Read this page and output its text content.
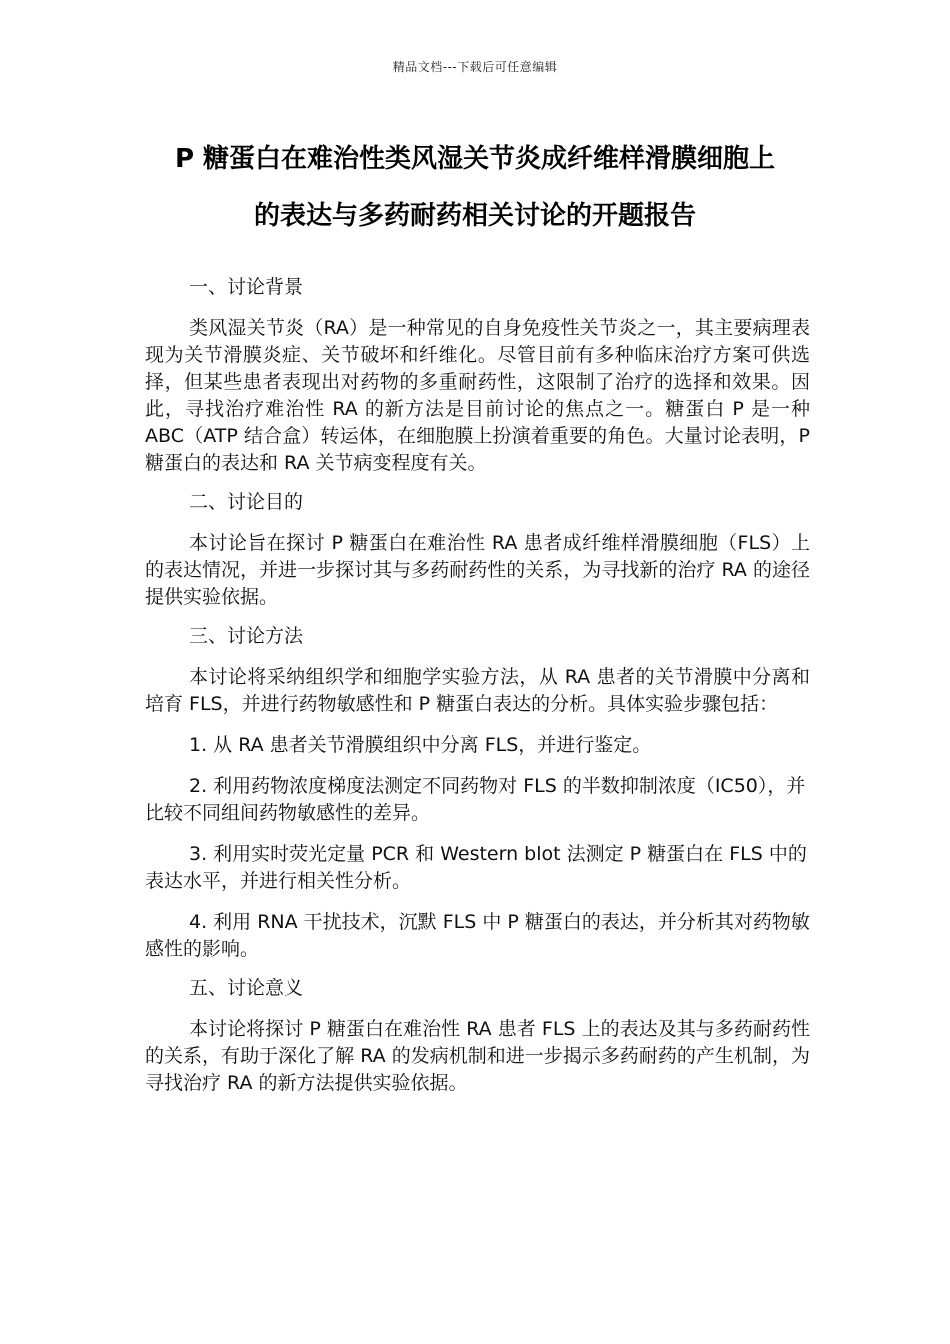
精品文档---下载后可任意编辑
P 糖蛋白在难治性类风湿关节炎成纤维样滑膜细胞上
的表达与多药耐药相关讨论的开题报告

一、讨论背景

类风湿关节炎（RA）是一种常见的自身免疫性关节炎之一，其主要病理表现为关节滑膜炎症、关节破坏和纤维化。尽管目前有多种临床治疗方案可供选择，但某些患者表现出对药物的多重耐药性，这限制了治疗的选择和效果。因此，寻找治疗难治性 RA 的新方法是目前讨论的焦点之一。糖蛋白 P 是一种 ABC（ATP 结合盒）转运体，在细胞膜上扮演着重要的角色。大量讨论表明，P 糖蛋白的表达和 RA 关节病变程度有关。

二、讨论目的

本讨论旨在探讨 P 糖蛋白在难治性 RA 患者成纤维样滑膜细胞（FLS）上的表达情况，并进一步探讨其与多药耐药性的关系，为寻找新的治疗 RA 的途径提供实验依据。

三、讨论方法

本讨论将采纳组织学和细胞学实验方法，从 RA 患者的关节滑膜中分离和培育 FLS，并进行药物敏感性和 P 糖蛋白表达的分析。具体实验步骤包括：

1. 从 RA 患者关节滑膜组织中分离 FLS，并进行鉴定。

2. 利用药物浓度梯度法测定不同药物对 FLS 的半数抑制浓度（IC50），并比较不同组间药物敏感性的差异。

3. 利用实时荧光定量 PCR 和 Western blot 法测定 P 糖蛋白在 FLS 中的表达水平，并进行相关性分析。

4. 利用 RNA 干扰技术，沉默 FLS 中 P 糖蛋白的表达，并分析其对药物敏感性的影响。

五、讨论意义

本讨论将探讨 P 糖蛋白在难治性 RA 患者 FLS 上的表达及其与多药耐药性的关系，有助于深化了解 RA 的发病机制和进一步揭示多药耐药的产生机制，为寻找治疗 RA 的新方法提供实验依据。
